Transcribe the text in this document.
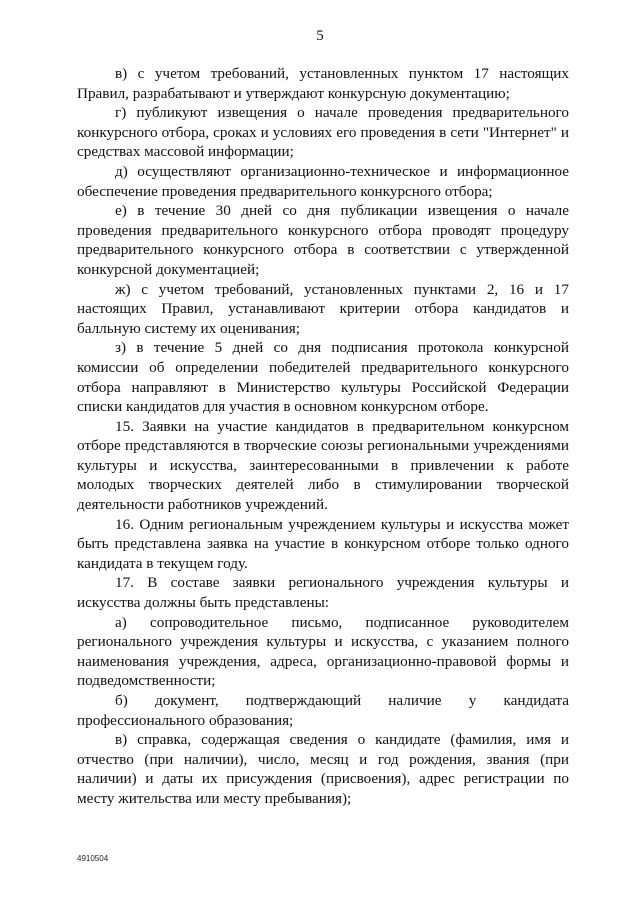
5

в) с учетом требований, установленных пунктом 17 настоящих Правил, разрабатывают и утверждают конкурсную документацию;

г) публикуют извещения о начале проведения предварительного конкурсного отбора, сроках и условиях его проведения в сети "Интернет" и средствах массовой информации;

д) осуществляют организационно-техническое и информационное обеспечение проведения предварительного конкурсного отбора;

е) в течение 30 дней со дня публикации извещения о начале проведения предварительного конкурсного отбора проводят процедуру предварительного конкурсного отбора в соответствии с утвержденной конкурсной документацией;

ж) с учетом требований, установленных пунктами 2, 16 и 17 настоящих Правил, устанавливают критерии отбора кандидатов и балльную систему их оценивания;

з) в течение 5 дней со дня подписания протокола конкурсной комиссии об определении победителей предварительного конкурсного отбора направляют в Министерство культуры Российской Федерации списки кандидатов для участия в основном конкурсном отборе.

15. Заявки на участие кандидатов в предварительном конкурсном отборе представляются в творческие союзы региональными учреждениями культуры и искусства, заинтересованными в привлечении к работе молодых творческих деятелей либо в стимулировании творческой деятельности работников учреждений.

16. Одним региональным учреждением культуры и искусства может быть представлена заявка на участие в конкурсном отборе только одного кандидата в текущем году.

17. В составе заявки регионального учреждения культуры и искусства должны быть представлены:

а) сопроводительное письмо, подписанное руководителем регионального учреждения культуры и искусства, с указанием полного наименования учреждения, адреса, организационно-правовой формы и подведомственности;

б) документ, подтверждающий наличие у кандидата профессионального образования;

в) справка, содержащая сведения о кандидате (фамилия, имя и отчество (при наличии), число, месяц и год рождения, звания (при наличии) и даты их присуждения (присвоения), адрес регистрации по месту жительства или месту пребывания);

4910504
